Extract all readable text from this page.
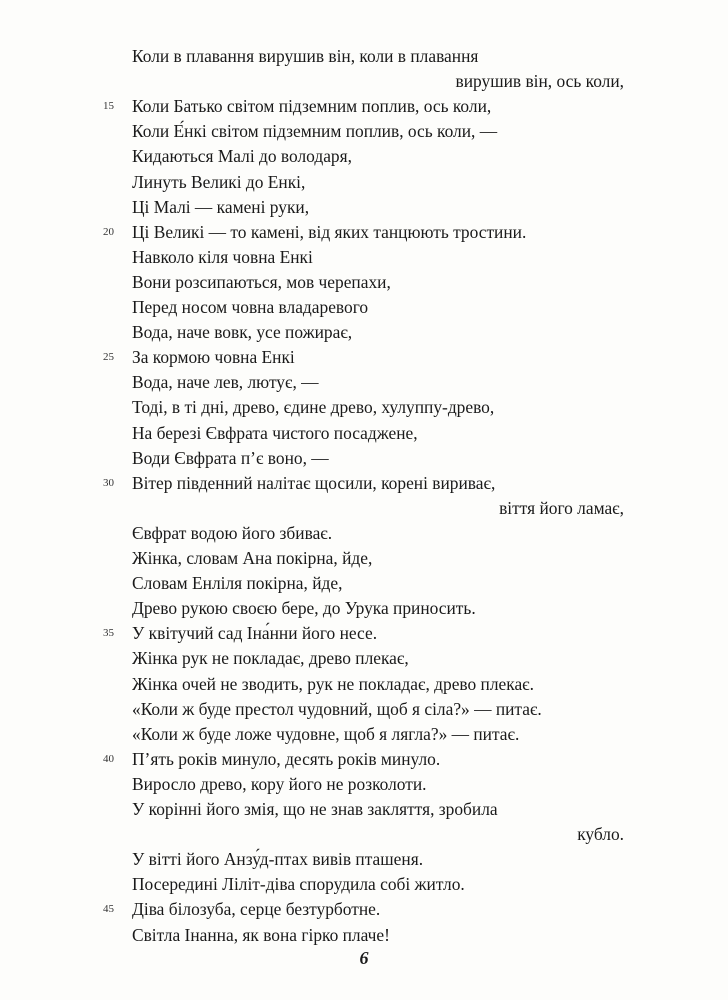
Коли в плавання вирушив він, коли в плавання
вирушив він, ось коли,
15 Коли Батько світом підземним поплив, ось коли,
Коли Е́нкі світом підземним поплив, ось коли, —
Кидаються Малі до володаря,
Линуть Великі до Енкі,
Ці Малі — камені руки,
20 Ці Великі — то камені, від яких танцюють тростини.
Навколо кіля човна Енкі
Вони розсипаються, мов черепахи,
Перед носом човна владаревого
Вода, наче вовк, усе пожирає,
25 За кормою човна Енкі
Вода, наче лев, лютує, —
Тоді, в ті дні, древо, єдине древо, хулуппу-древо,
На березі Євфрата чистого посаджене,
Води Євфрата п’є воно, —
30 Вітер південний налітає щосили, корені вириває,
віття його ламає,
Євфрат водою його збиває.
Жінка, словам Ана покірна, йде,
Словам Енліля покірна, йде,
Древо рукою своєю бере, до Урука приносить.
35 У квітучий сад Іна́нни його несе.
Жінка рук не покладає, древо плекає,
Жінка очей не зводить, рук не покладає, древо плекає.
«Коли ж буде престол чудовний, щоб я сіла?» — питає.
«Коли ж буде ложе чудовне, щоб я лягла?» — питає.
40 П’ять років минуло, десять років минуло.
Виросло древо, кору його не розколоти.
У корінні його змія, що не знав закляття, зробила
кубло.
У вітті його Анзу́д-птах вивів пташеня.
Посередині Ліліт-діва спорудила собі житло.
45 Діва білозуба, серце безтурботне.
Світла Інанна, як вона гірко плаче!
6
